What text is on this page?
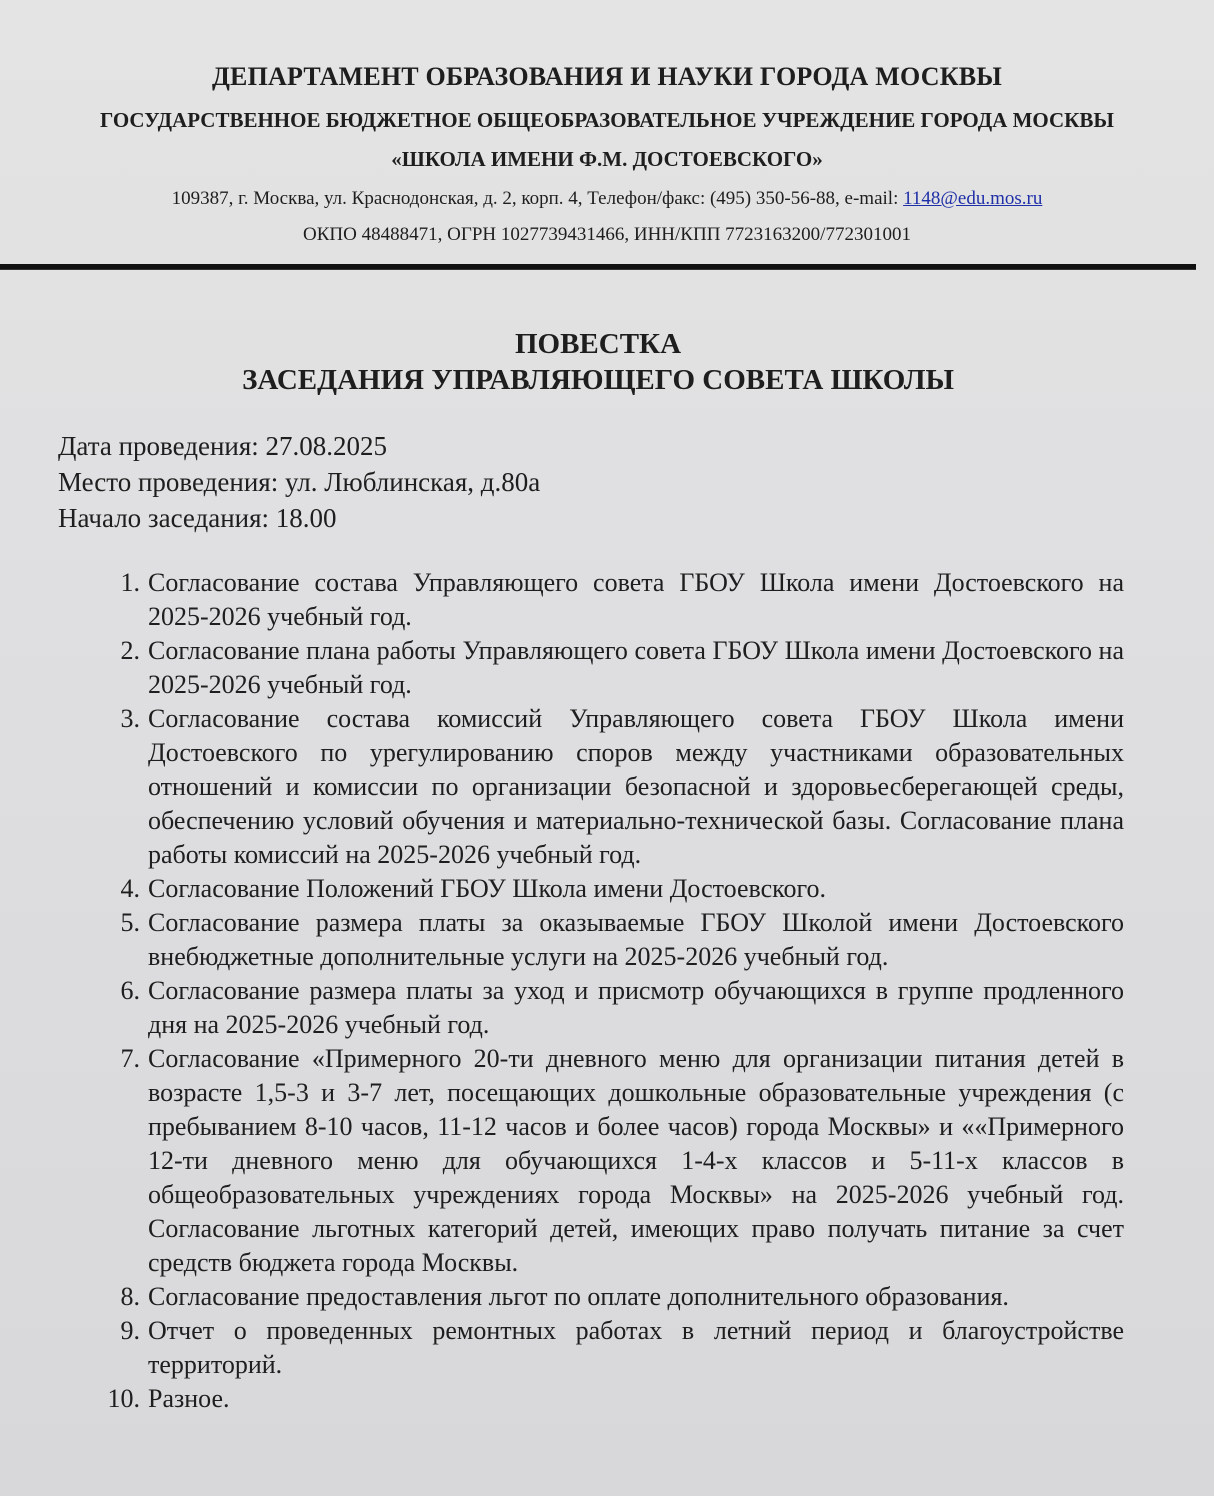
ДЕПАРТАМЕНТ ОБРАЗОВАНИЯ И НАУКИ ГОРОДА МОСКВЫ
ГОСУДАРСТВЕННОЕ БЮДЖЕТНОЕ ОБЩЕОБРАЗОВАТЕЛЬНОЕ УЧРЕЖДЕНИЕ ГОРОДА МОСКВЫ
«ШКОЛА ИМЕНИ Ф.М. ДОСТОЕВСКОГО»
109387, г. Москва, ул. Краснодонская, д. 2, корп. 4, Телефон/факс: (495) 350-56-88, e-mail: 1148@edu.mos.ru
ОКПО 48488471, ОГРН 1027739431466, ИНН/КПП 7723163200/772301001
ПОВЕСТКА
ЗАСЕДАНИЯ УПРАВЛЯЮЩЕГО СОВЕТА ШКОЛЫ
Дата проведения: 27.08.2025
Место проведения: ул. Люблинская, д.80а
Начало заседания: 18.00
1. Согласование состава Управляющего совета ГБОУ Школа имени Достоевского на 2025-2026 учебный год.
2. Согласование плана работы Управляющего совета ГБОУ Школа имени Достоевского на 2025-2026 учебный год.
3. Согласование состава комиссий Управляющего совета ГБОУ Школа имени Достоевского по урегулированию споров между участниками образовательных отношений и комиссии по организации безопасной и здоровьесберегающей среды, обеспечению условий обучения и материально-технической базы. Согласование плана работы комиссий на 2025-2026 учебный год.
4. Согласование Положений ГБОУ Школа имени Достоевского.
5. Согласование размера платы за оказываемые ГБОУ Школой имени Достоевского внебюджетные дополнительные услуги на 2025-2026 учебный год.
6. Согласование размера платы за уход и присмотр обучающихся в группе продленного дня на 2025-2026 учебный год.
7. Согласование «Примерного 20-ти дневного меню для организации питания детей в возрасте 1,5-3 и 3-7 лет, посещающих дошкольные образовательные учреждения (с пребыванием 8-10 часов, 11-12 часов и более часов) города Москвы» и ««Примерного 12-ти дневного меню для обучающихся 1-4-х классов и 5-11-х классов в общеобразовательных учреждениях города Москвы» на 2025-2026 учебный год. Согласование льготных категорий детей, имеющих право получать питание за счет средств бюджета города Москвы.
8. Согласование предоставления льгот по оплате дополнительного образования.
9. Отчет о проведенных ремонтных работах в летний период и благоустройстве территорий.
10. Разное.
